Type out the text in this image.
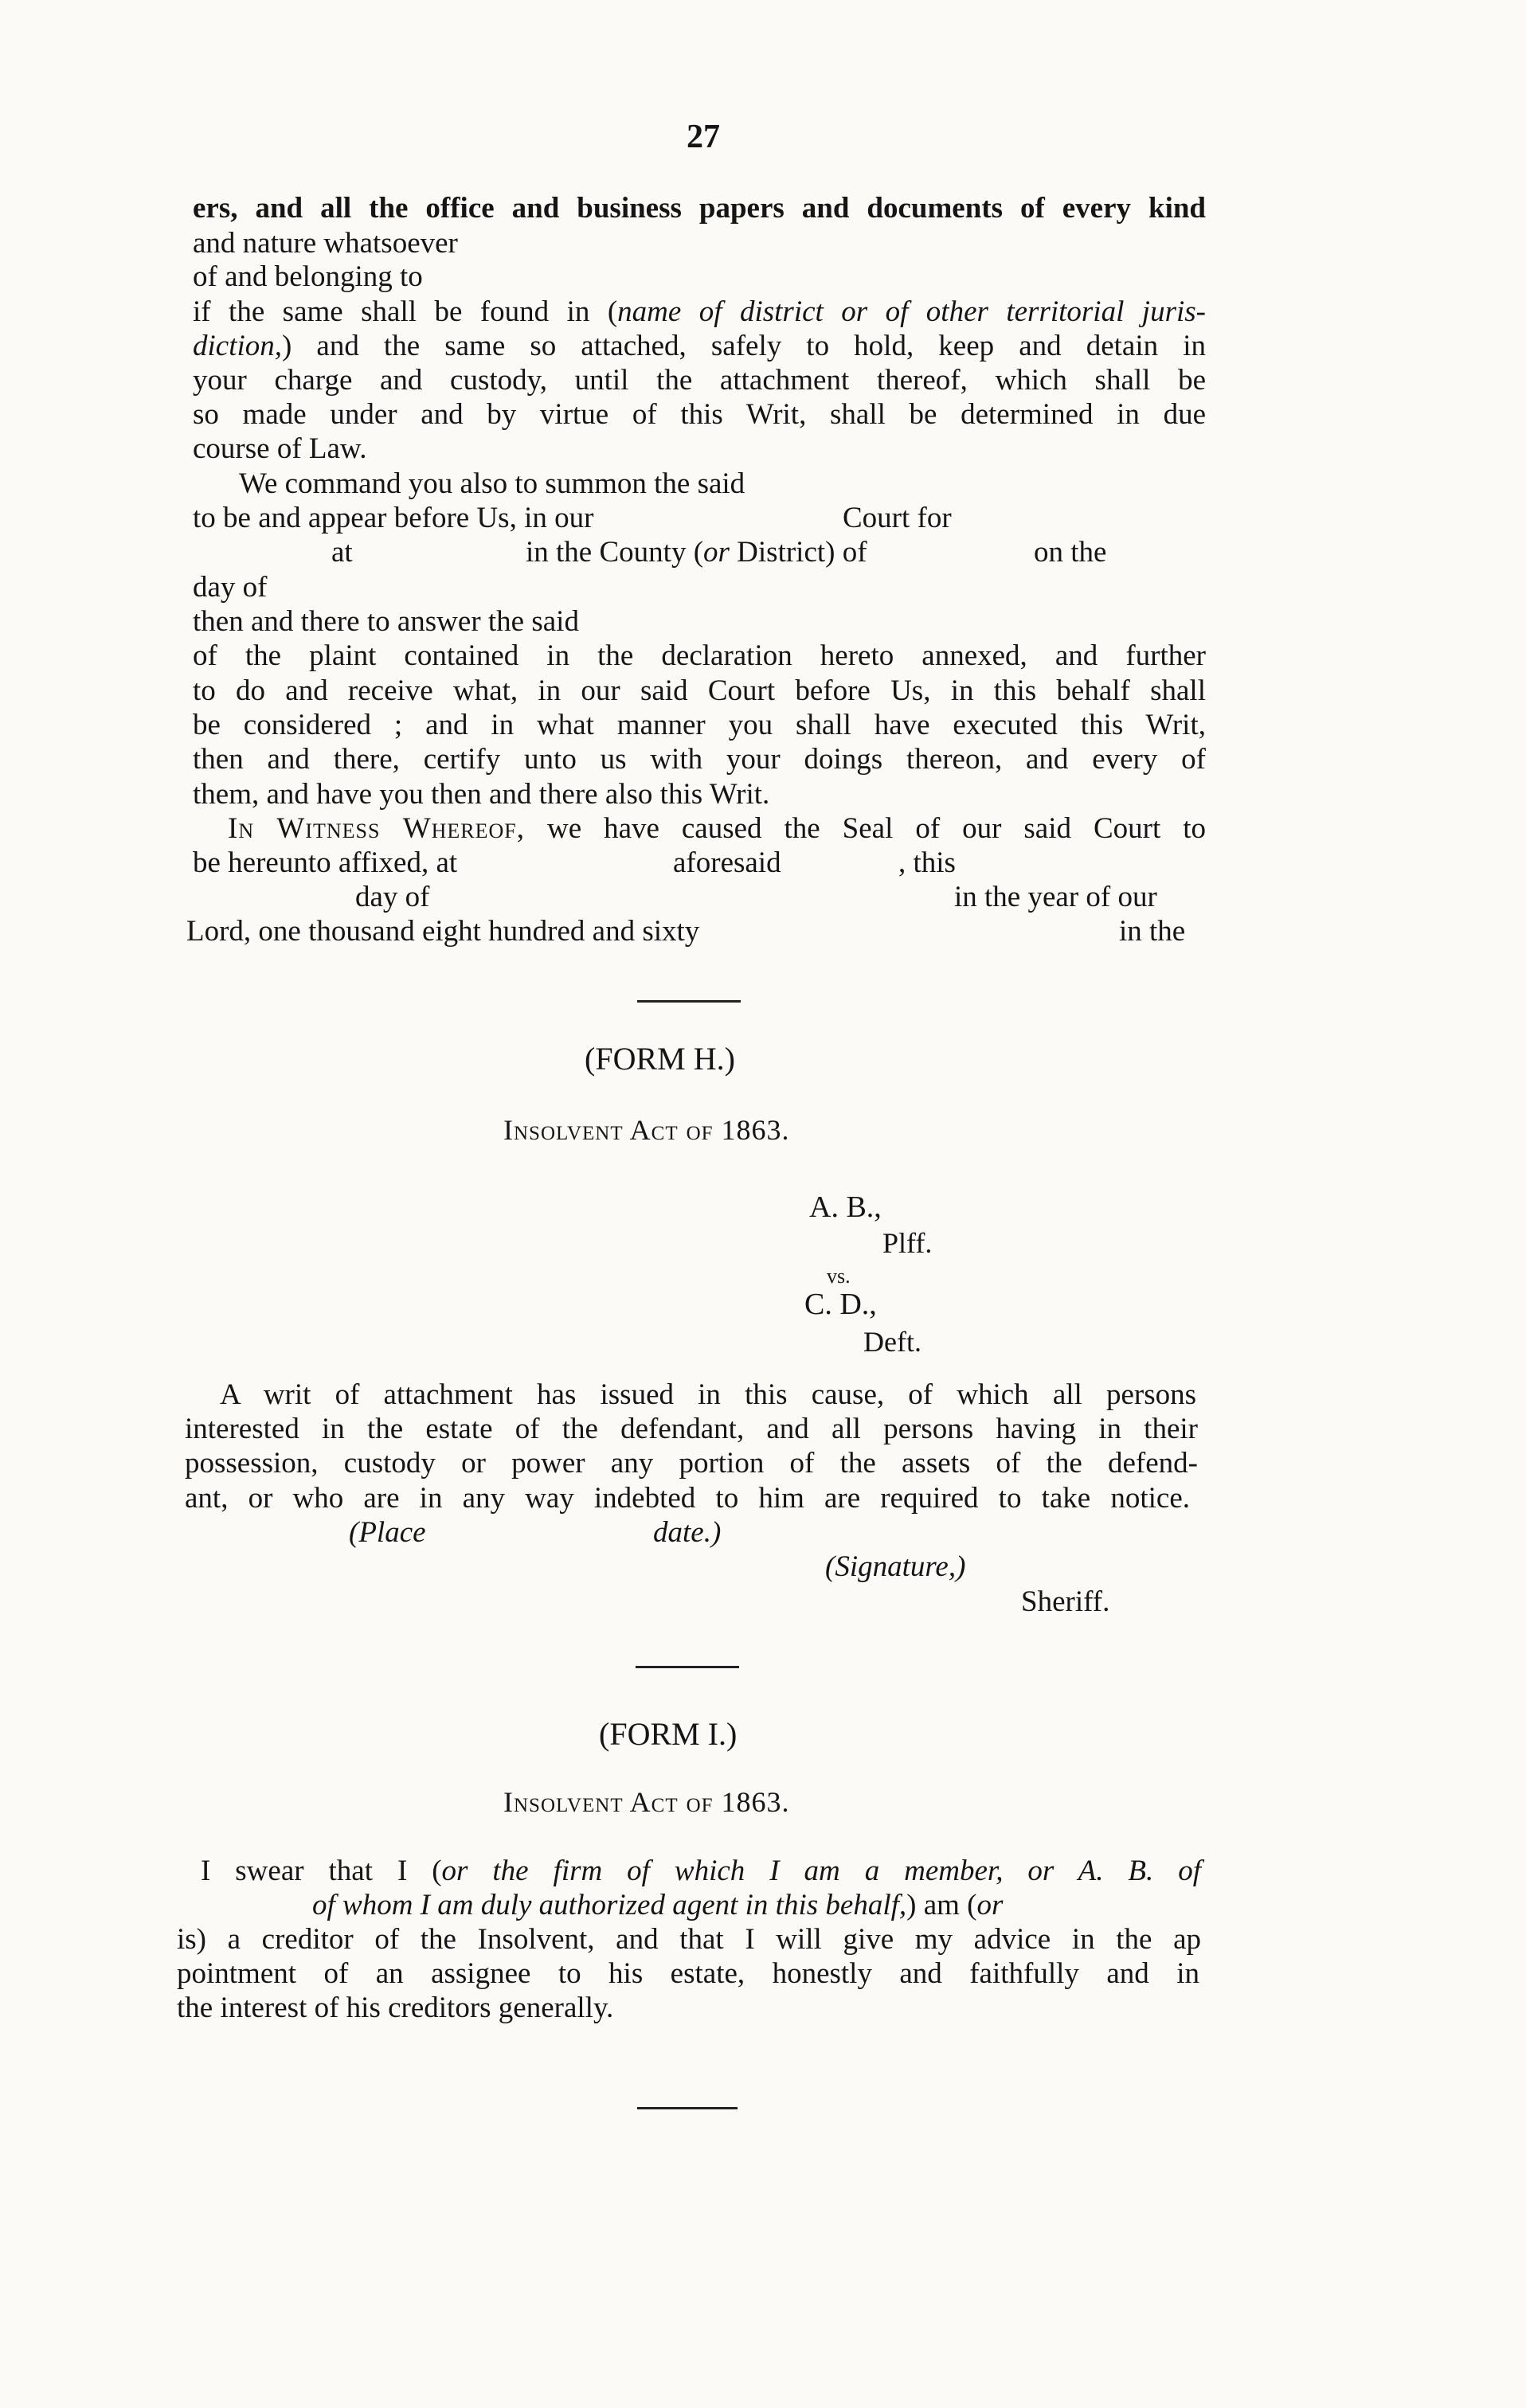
27
ers, and all the office and business papers and documents of every kind
and nature whatsoever
of and belonging to
if the same shall be found in (name of district or of other territorial juris-
diction,) and the same so attached, safely to hold, keep and detain in
your charge and custody, until the attachment thereof, which shall be
so made under and by virtue of this Writ, shall be determined in due
course of Law.
We command you also to summon the said
to be and appear before Us, in our	Court for
at	in the County (or District) of	on the
day of
then and there to answer the said
of the plaint contained in the declaration hereto annexed, and further
to do and receive what, in our said Court before Us, in this behalf shall
be considered ; and in what manner you shall have executed this Writ,
then and there, certify unto us with your doings thereon, and every of
them, and have you then and there also this Writ.
In Witness Whereof, we have caused the Seal of our said Court to
be hereunto affixed, at	aforesaid	, this
day of	in the year of our
Lord, one thousand eight hundred and sixty	in the
(FORM H.)
Insolvent Act of 1863.
A. B.,
Plff.
vs.
C. D.,
Deft.
A writ of attachment has issued in this cause, of which all persons
interested in the estate of the defendant, and all persons having in their
possession, custody or power any portion of the assets of the defend-
ant, or who are in any way indebted to him are required to take notice.
(Place	date.)
(Signature,)
Sheriff.
(FORM I.)
Insolvent Act of 1863.
I swear that I (or the firm of which I am a member, or A. B. of
of whom I am duly authorized agent in this behalf,) am (or
is) a creditor of the Insolvent, and that I will give my advice in the ap
pointment of an assignee to his estate, honestly and faithfully and in
the interest of his creditors generally.
